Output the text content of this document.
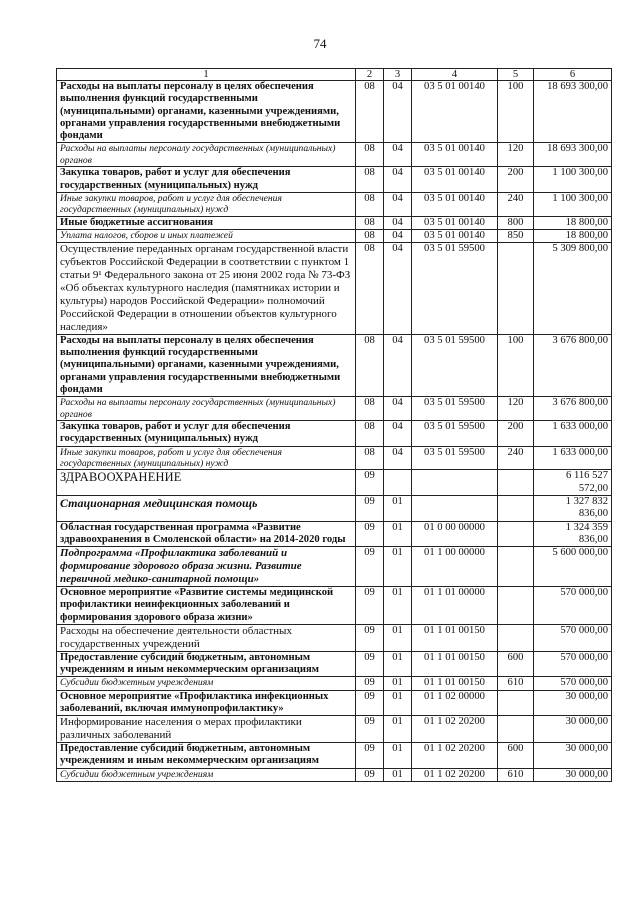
74
1	2	3	4	5	6
Расходы на выплаты персоналу в целях обеспечения выполнения функций государственными (муниципальными) органами, казенными учреждениями, органами управления государственными внебюджетными фондами	08	04	03 5 01 00140	100	18 693 300,00
Расходы на выплаты персоналу государственных (муниципальных) органов	08	04	03 5 01 00140	120	18 693 300,00
Закупка товаров, работ и услуг для обеспечения государственных (муниципальных) нужд	08	04	03 5 01 00140	200	1 100 300,00
Иные закупки товаров, работ и услуг для обеспечения государственных (муниципальных) нужд	08	04	03 5 01 00140	240	1 100 300,00
Иные бюджетные ассигнования	08	04	03 5 01 00140	800	18 800,00
Уплата налогов, сборов и иных платежей	08	04	03 5 01 00140	850	18 800,00
Осуществление переданных органам государственной власти субъектов Российской Федерации в соответствии с пунктом 1 статьи 9¹ Федерального закона от 25 июня 2002 года № 73-ФЗ «Об объектах культурного наследия (памятниках истории и культуры) народов Российской Федерации» полномочий Российской Федерации в отношении объектов культурного наследия»	08	04	03 5 01 59500		5 309 800,00
Расходы на выплаты персоналу в целях обеспечения выполнения функций государственными (муниципальными) органами, казенными учреждениями, органами управления государственными внебюджетными фондами	08	04	03 5 01 59500	100	3 676 800,00
Расходы на выплаты персоналу государственных (муниципальных) органов	08	04	03 5 01 59500	120	3 676 800,00
Закупка товаров, работ и услуг для обеспечения государственных (муниципальных) нужд	08	04	03 5 01 59500	200	1 633 000,00
Иные закупки товаров, работ и услуг для обеспечения государственных (муниципальных) нужд	08	04	03 5 01 59500	240	1 633 000,00
ЗДРАВООХРАНЕНИЕ	09				6 116 527 572,00
Стационарная медицинская помощь	09	01			1 327 832 836,00
Областная государственная программа «Развитие здравоохранения в Смоленской области» на 2014-2020 годы	09	01	01 0 00 00000		1 324 359 836,00
Подпрограмма «Профилактика заболеваний и формирование здорового образа жизни. Развитие первичной медико-санитарной помощи»	09	01	01 1 00 00000		5 600 000,00
Основное мероприятие «Развитие системы медицинской профилактики неинфекционных заболеваний и формирования здорового образа жизни»	09	01	01 1 01 00000		570 000,00
Расходы на обеспечение деятельности областных государственных учреждений	09	01	01 1 01 00150		570 000,00
Предоставление субсидий бюджетным, автономным учреждениям и иным некоммерческим организациям	09	01	01 1 01 00150	600	570 000,00
Субсидии бюджетным учреждениям	09	01	01 1 01 00150	610	570 000,00
Основное мероприятие «Профилактика инфекционных заболеваний, включая иммунопрофилактику»	09	01	01 1 02 00000		30 000,00
Информирование населения о мерах профилактики различных заболеваний	09	01	01 1 02 20200		30 000,00
Предоставление субсидий бюджетным, автономным учреждениям и иным некоммерческим организациям	09	01	01 1 02 20200	600	30 000,00
Субсидии бюджетным учреждениям	09	01	01 1 02 20200	610	30 000,00
